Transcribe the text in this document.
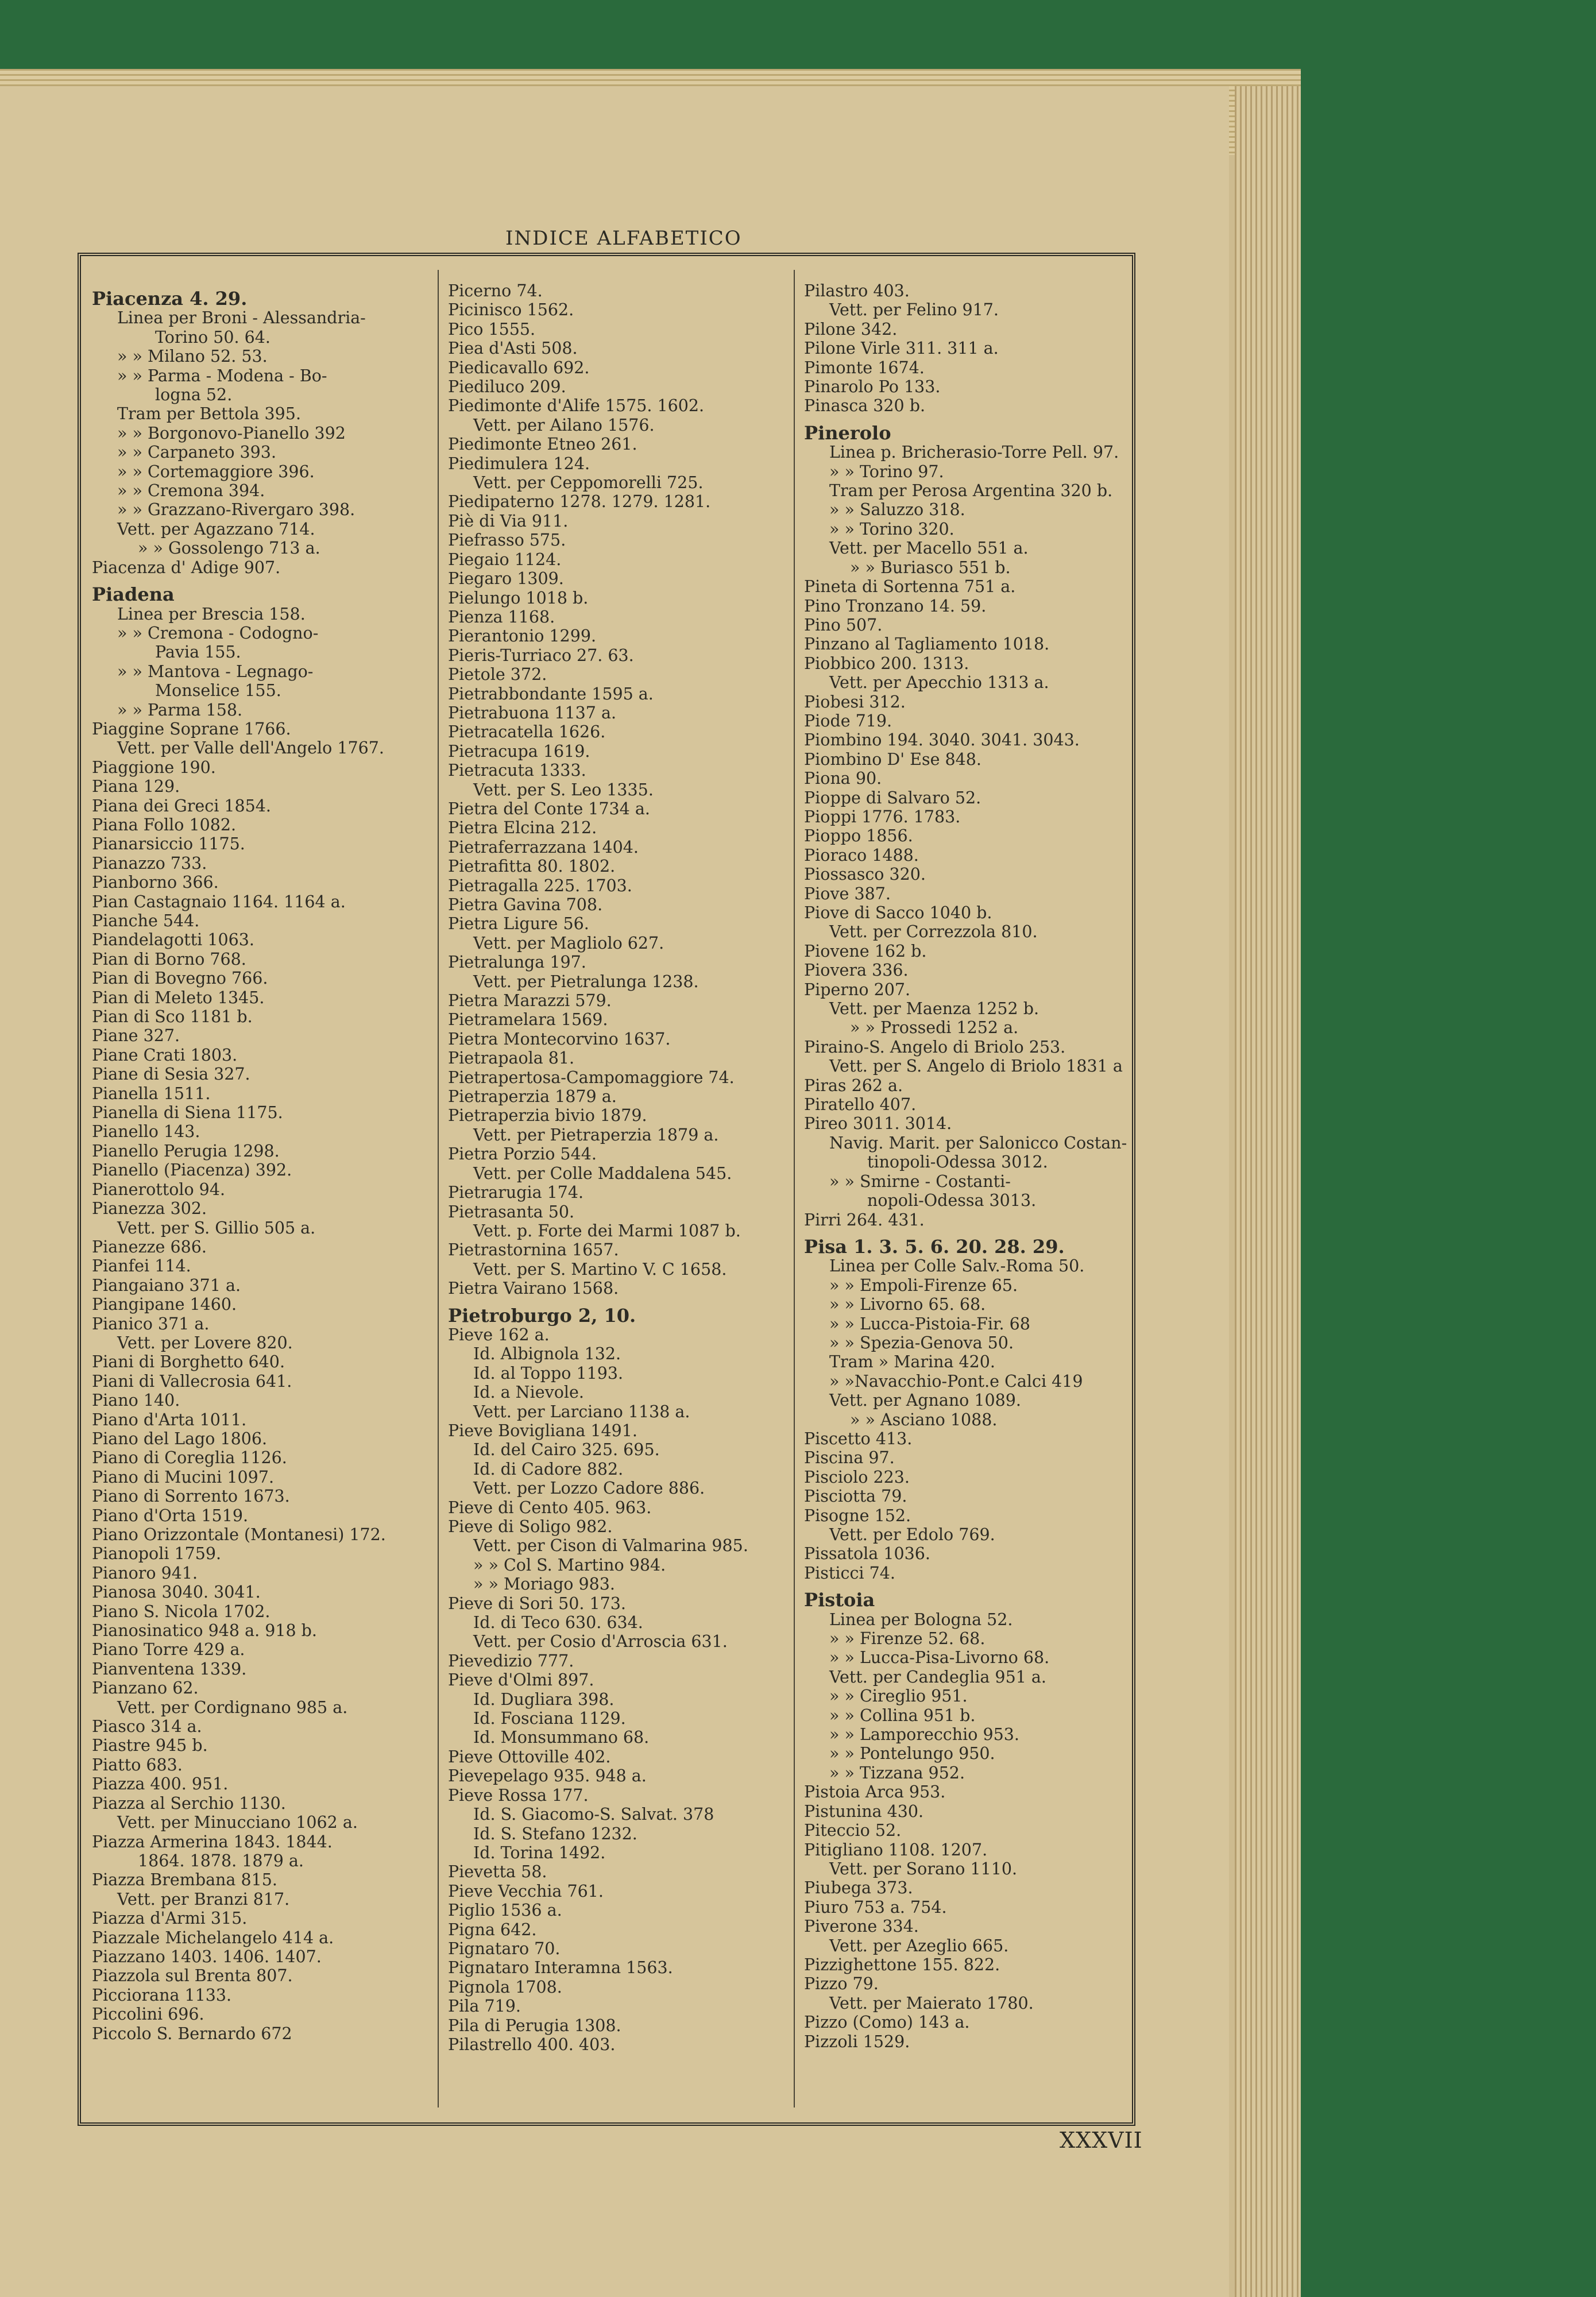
INDICE ALFABETICO
Piacenza 4. 29.
Linea per Broni - Alessandria-
Torino 50. 64.
» » Milano 52. 53.
» » Parma - Modena - Bo-
logna 52.
Tram per Bettola 395.
» » Borgonovo-Pianello 392
» » Carpaneto 393.
» » Cortemaggiore 396.
» » Cremona 394.
» » Grazzano-Rivergaro 398.
Vett. per Agazzano 714.
» » Gossolengo 713 a.
Piacenza d' Adige 907.
Piadena
Linea per Brescia 158.
» » Cremona - Codogno-
Pavia 155.
» » Mantova - Legnago-
Monselice 155.
» » Parma 158.
Piaggine Soprane 1766.
Vett. per Valle dell'Angelo 1767.
Piaggione 190.
Piana 129.
Piana dei Greci 1854.
Piana Follo 1082.
Pianarsiccio 1175.
Pianazzo 733.
Pianborno 366.
Pian Castagnaio 1164. 1164 a.
Pianche 544.
Piandelagotti 1063.
Pian di Borno 768.
Pian di Bovegno 766.
Pian di Meleto 1345.
Pian di Sco 1181 b.
Piane 327.
Piane Crati 1803.
Piane di Sesia 327.
Pianella 1511.
Pianella di Siena 1175.
Pianello 143.
Pianello Perugia 1298.
Pianello (Piacenza) 392.
Pianerottolo 94.
Pianezza 302.
Vett. per S. Gillio 505 a.
Pianezze 686.
Pianfei 114.
Piangaiano 371 a.
Piangipane 1460.
Pianico 371 a.
Vett. per Lovere 820.
Piani di Borghetto 640.
Piani di Vallecrosia 641.
Piano 140.
Piano d'Arta 1011.
Piano del Lago 1806.
Piano di Coreglia 1126.
Piano di Mucini 1097.
Piano di Sorrento 1673.
Piano d'Orta 1519.
Piano Orizzontale (Montanesi) 172.
Pianopoli 1759.
Pianoro 941.
Pianosa 3040. 3041.
Piano S. Nicola 1702.
Pianosinatico 948 a. 918 b.
Piano Torre 429 a.
Pianventena 1339.
Pianzano 62.
Vett. per Cordignano 985 a.
Piasco 314 a.
Piastre 945 b.
Piatto 683.
Piazza 400. 951.
Piazza al Serchio 1130.
Vett. per Minucciano 1062 a.
Piazza Armerina 1843. 1844.
1864. 1878. 1879 a.
Piazza Brembana 815.
Vett. per Branzi 817.
Piazza d'Armi 315.
Piazzale Michelangelo 414 a.
Piazzano 1403. 1406. 1407.
Piazzola sul Brenta 807.
Picciorana 1133.
Piccolini 696.
Piccolo S. Bernardo 672
Picerno 74.
Picinisco 1562.
Pico 1555.
Piea d'Asti 508.
Piedicavallo 692.
Piediluco 209.
Piedimonte d'Alife 1575. 1602.
Vett. per Ailano 1576.
Piedimonte Etneo 261.
Piedimulera 124.
Vett. per Ceppomorelli 725.
Piedipaterno 1278. 1279. 1281.
Piè di Via 911.
Piefrasso 575.
Piegaio 1124.
Piegaro 1309.
Pielungo 1018 b.
Pienza 1168.
Pierantonio 1299.
Pieris-Turriaco 27. 63.
Pietole 372.
Pietrabbondante 1595 a.
Pietrabuona 1137 a.
Pietracatella 1626.
Pietracupa 1619.
Pietracuta 1333.
Vett. per S. Leo 1335.
Pietra del Conte 1734 a.
Pietra Elcina 212.
Pietraferrazzana 1404.
Pietrafitta 80. 1802.
Pietragalla 225. 1703.
Pietra Gavina 708.
Pietra Ligure 56.
Vett. per Magliolo 627.
Pietralunga 197.
Vett. per Pietralunga 1238.
Pietra Marazzi 579.
Pietramelara 1569.
Pietra Montecorvino 1637.
Pietrapaola 81.
Pietrapertosa-Campomaggiore 74.
Pietraperzia 1879 a.
Pietraperzia bivio 1879.
Vett. per Pietraperzia 1879 a.
Pietra Porzio 544.
Vett. per Colle Maddalena 545.
Pietrarugia 174.
Pietrasanta 50.
Vett. p. Forte dei Marmi 1087 b.
Pietrastornina 1657.
Vett. per S. Martino V. C 1658.
Pietra Vairano 1568.
Pietroburgo 2, 10.
Pieve 162 a.
Id. Albignola 132.
Id. al Toppo 1193.
Id. a Nievole.
Vett. per Larciano 1138 a.
Pieve Bovigliana 1491.
Id. del Cairo 325. 695.
Id. di Cadore 882.
Vett. per Lozzo Cadore 886.
Pieve di Cento 405. 963.
Pieve di Soligo 982.
Vett. per Cison di Valmarina 985.
» » Col S. Martino 984.
» » Moriago 983.
Pieve di Sori 50. 173.
Id. di Teco 630. 634.
Vett. per Cosio d'Arroscia 631.
Pievedizio 777.
Pieve d'Olmi 897.
Id. Dugliara 398.
Id. Fosciana 1129.
Id. Monsummano 68.
Pieve Ottoville 402.
Pievepelago 935. 948 a.
Pieve Rossa 177.
Id. S. Giacomo-S. Salvat. 378
Id. S. Stefano 1232.
Id. Torina 1492.
Pievetta 58.
Pieve Vecchia 761.
Piglio 1536 a.
Pigna 642.
Pignataro 70.
Pignataro Interamna 1563.
Pignola 1708.
Pila 719.
Pila di Perugia 1308.
Pilastrello 400. 403.
Pilastro 403.
Vett. per Felino 917.
Pilone 342.
Pilone Virle 311. 311 a.
Pimonte 1674.
Pinarolo Po 133.
Pinasca 320 b.
Pinerolo
Linea p. Bricherasio-Torre Pell. 97.
» » Torino 97.
Tram per Perosa Argentina 320 b.
» » Saluzzo 318.
» » Torino 320.
Vett. per Macello 551 a.
» » Buriasco 551 b.
Pineta di Sortenna 751 a.
Pino Tronzano 14. 59.
Pino 507.
Pinzano al Tagliamento 1018.
Piobbico 200. 1313.
Vett. per Apecchio 1313 a.
Piobesi 312.
Piode 719.
Piombino 194. 3040. 3041. 3043.
Piombino D' Ese 848.
Piona 90.
Pioppe di Salvaro 52.
Pioppi 1776. 1783.
Pioppo 1856.
Pioraco 1488.
Piossasco 320.
Piove 387.
Piove di Sacco 1040 b.
Vett. per Correzzola 810.
Piovene 162 b.
Piovera 336.
Piperno 207.
Vett. per Maenza 1252 b.
» » Prossedi 1252 a.
Piraino-S. Angelo di Briolo 253.
Vett. per S. Angelo di Briolo 1831 a
Piras 262 a.
Piratello 407.
Pireo 3011. 3014.
Navig. Marit. per Salonicco Costan-
tinopoli-Odessa 3012.
» » Smirne - Costanti-
nopoli-Odessa 3013.
Pirri 264. 431.
Pisa 1. 3. 5. 6. 20. 28. 29.
Linea per Colle Salv.-Roma 50.
» » Empoli-Firenze 65.
» » Livorno 65. 68.
» » Lucca-Pistoia-Fir. 68
» » Spezia-Genova 50.
Tram » Marina 420.
» »Navacchio-Pont.e Calci 419
Vett. per Agnano 1089.
» » Asciano 1088.
Piscetto 413.
Piscina 97.
Pisciolo 223.
Pisciotta 79.
Pisogne 152.
Vett. per Edolo 769.
Pissatola 1036.
Pisticci 74.
Pistoia
Linea per Bologna 52.
» » Firenze 52. 68.
» » Lucca-Pisa-Livorno 68.
Vett. per Candeglia 951 a.
» » Cireglio 951.
» » Collina 951 b.
» » Lamporecchio 953.
» » Pontelungo 950.
» » Tizzana 952.
Pistoia Arca 953.
Pistunina 430.
Piteccio 52.
Pitigliano 1108. 1207.
Vett. per Sorano 1110.
Piubega 373.
Piuro 753 a. 754.
Piverone 334.
Vett. per Azeglio 665.
Pizzighettone 155. 822.
Pizzo 79.
Vett. per Maierato 1780.
Pizzo (Como) 143 a.
Pizzoli 1529.
XXXVII
